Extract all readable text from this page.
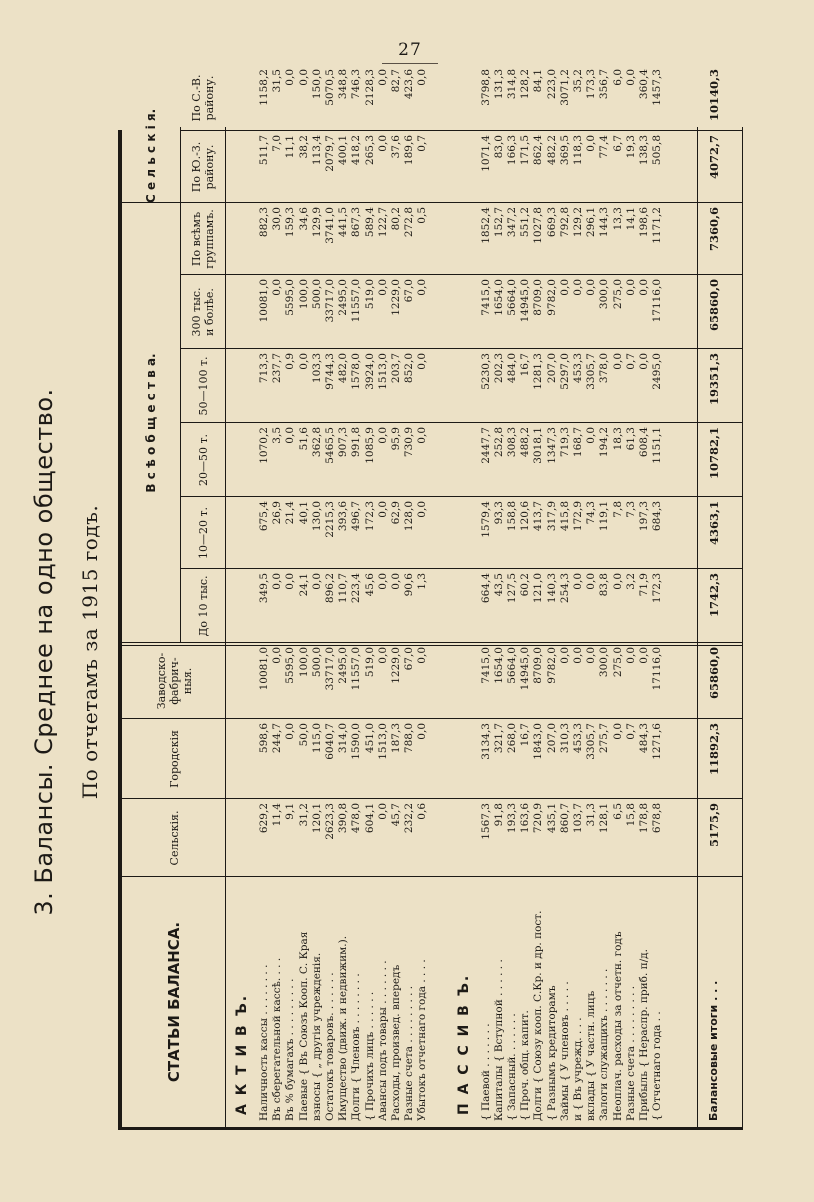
27
3. Балансы. Среднее на одно общество. По отчетамъ за 1915 годъ.
СТАТЬИ БАЛАНСА.
В с ѣ о б щ е с т в а.
С е л ь с к і я.
Сельскія.
Городскія
Заводско-
фабрич-
ныя.
До 10 тыс.
10—20 т.
20—50 т.
50—100 т.
300 тыс.
и болѣе.
По всѣмъ
группамъ.
По Ю.-З.
району.
По С.-В.
району.
А К Т И В Ъ. Наличность кассы . . . . . . . .
629,2
598,6
10081,0
349,5
675,4
1070,2
713,3
10081,0
882,3
511,7
1158,2
Въ сберегательной кассѣ. . . .
11,4
244,7
0,0
0,0
26,9
3,5
237,7
0,0
30,0
7,0
31,5
Въ % бумагахъ . . . . . . . . .
9,1
0,0
5595,0
0,0
21,4
0,0
0,9
5595,0
159,3
11,1
0,0
Паевые { Въ Союзъ Коoп. С. Края
31,2
50,0
100,0
24,1
40,1
51,6
0,0
100,0
34,6
38,2
0,0
взносы { „ другія учрежденія.
120,1
115,0
500,0
0,0
130,0
362,8
103,3
500,0
129,9
113,4
150,0
Остатокъ товаровъ. . . . . . .
2623,3
6040,7
33717,0
896,2
2215,3
5465,5
9744,3
33717,0
3741,0
2079,7
5070,5
Имущество (движ. и недвижим.).
390,8
314,0
2495,0
110,7
393,6
907,3
482,0
2495,0
441,5
400,1
348,8
Долги { Членовъ . . . . . . . .
478,0
1590,0
11557,0
223,4
496,7
991,8
1578,0
11557,0
867,3
418,2
746,3
{ Прочихъ лицъ . . . . . .
604,1
451,0
519,0
45,6
172,3
1085,9
3924,0
519,0
589,4
265,3
2128,3
Авансы подъ товары . . . . . . .
0,0
1513,0
0,0
0,0
0,0
0,0
1513,0
0,0
122,7
0,0
0,0
Расходы, произвед. впередъ
45,7
187,3
1229,0
0,0
62,9
95,9
203,7
1229,0
80,2
37,6
82,7
Разные счета . . . . . . . . .
232,2
788,0
67,0
90,6
128,0
730,9
852,0
67,0
272,8
189,6
423,6
Убытокъ отчетнаго года . . . .
0,6
0,0
0,0
1,3
0,0
0,0
0,0
0,0
0,5
0,7
0,0
П А С С И В Ъ. { Паевой . . . . . . .
1567,3
3134,3
7415,0
664,4
1579,4
2447,7
5230,3
7415,0
1852,4
1071,4
3798,8
Капиталы { Вступной . . . . . .
91,8
321,7
1654,0
43,5
93,3
252,8
202,3
1654,0
152,7
83,0
131,3
{ Запасный. . . . . . .
193,3
268,0
5664,0
127,5
158,8
308,3
484,0
5664,0
347,2
166,3
314,8
{ Проч. общ. капит.
163,6
16,7
14945,0
60,2
120,6
488,2
16,7
14945,0
551,2
171,5
128,2
Долги { Союзу коoп. С.Кр. и др. пост.
720,9
1843,0
8709,0
121,0
413,7
3018,1
1281,3
8709,0
1027,8
862,4
84,1
{ Разнымъ кредиторамъ
435,1
207,0
9782,0
140,3
317,9
1347,3
207,0
9782,0
669,3
482,2
223,0
Займы { У членовъ . . . . .
860,7
310,3
0,0
254,3
415,8
719,3
5297,0
0,0
792,8
369,5
3071,2
и { Въ учрежд. . . .
103,7
453,3
0,0
0,0
172,9
168,7
453,3
0,0
129,2
118,3
35,2
вклады { У частн. лицъ
31,3
3305,7
0,0
0,0
74,3
0,0
3305,7
0,0
296,1
0,0
173,3
Залоги служащихъ . . . . . . .
128,1
275,7
300,0
83,8
119,1
194,2
378,0
300,0
144,3
77,4
356,7
Неоплач. расходы за отчетн. годъ
6,5
0,0
275,0
0,0
7,8
18,3
0,0
275,0
13,3
6,7
6,0
Разные счета . . . . . . . . .
15,8
0,7
0,0
3,2
7,3
61,3
0,7
0,0
14,1
19,3
0,0
Прибыль { Нераспр. приб. п/д.
178,8
484,3
0,0
71,9
197,3
608,4
0,0
0,0
198,6
138,3
360,4
{ Отчетнаго года . .
678,8
1271,6
17116,0
172,3
684,3
1151,1
2495,0
17116,0
1171,2
505,8
1457,3
Балансовые итоги . . .
5175,9
11892,3
65860,0
1742,3
4363,1
10782,1
19351,3
65860,0
7360,6
4072,7
10140,3
